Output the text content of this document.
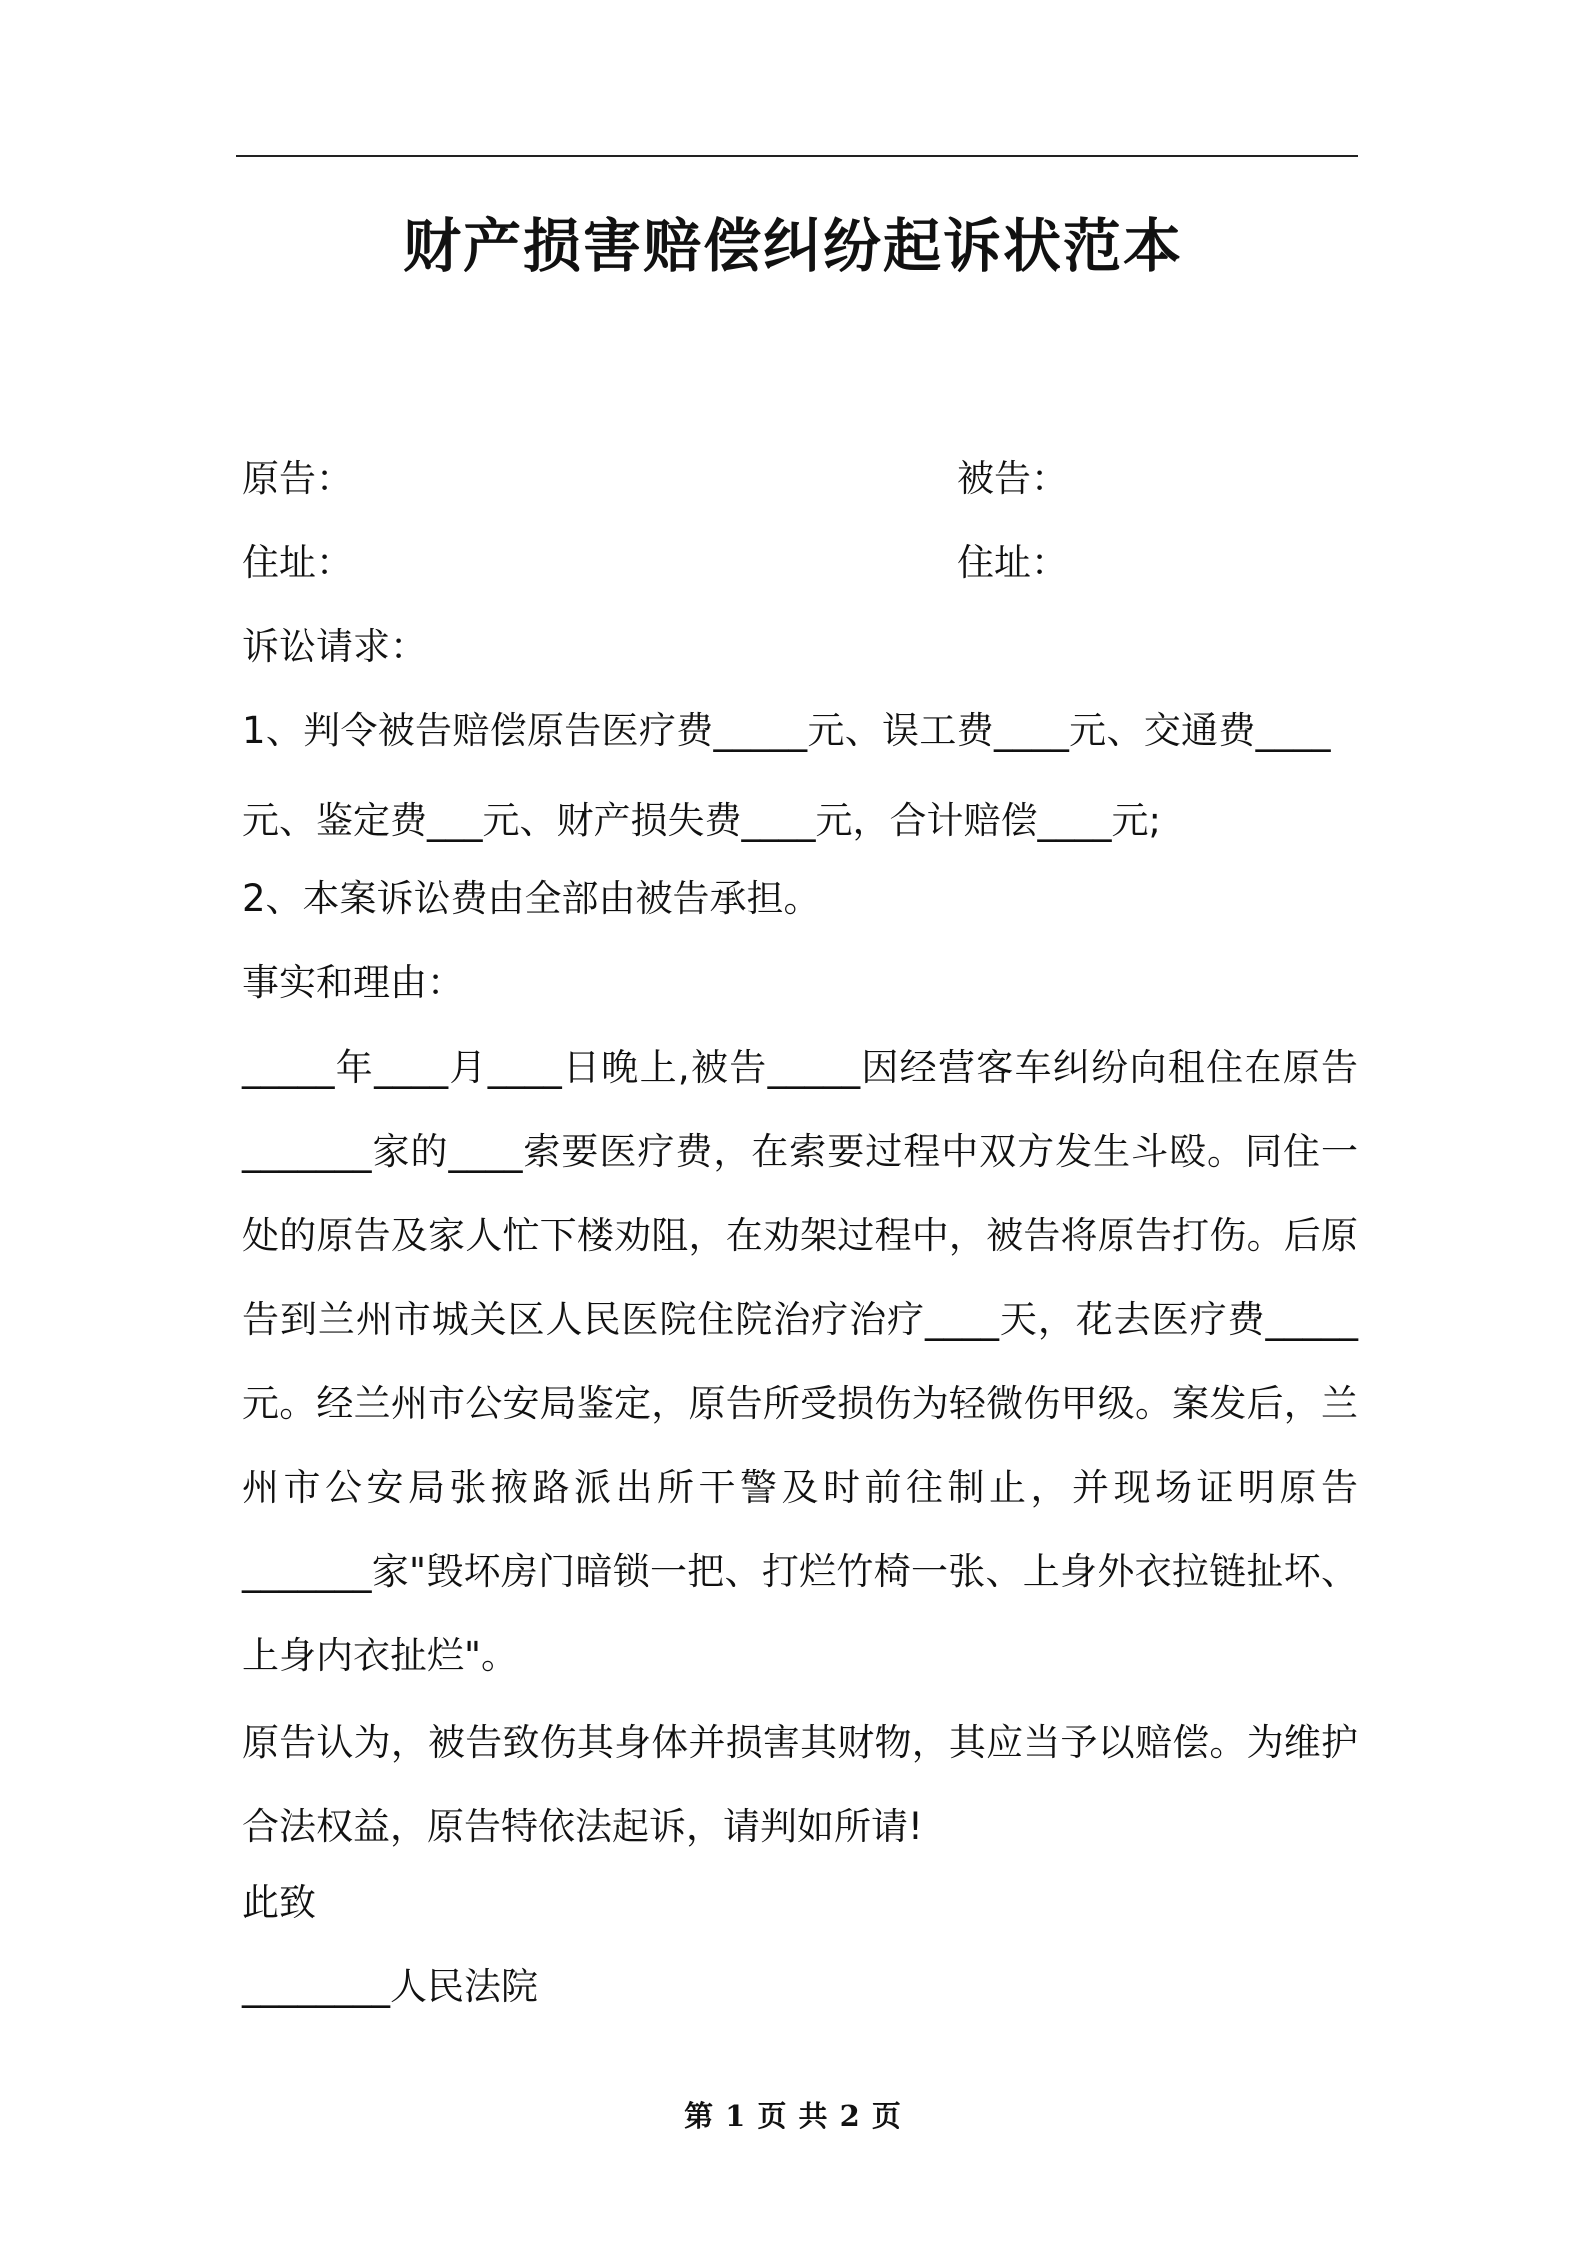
财产损害赔偿纠纷起诉状范本
原告：	被告：
住址：	住址：
诉讼请求：
1、判令被告赔偿原告医疗费_____元、误工费____元、交通费____
元、鉴定费___元、财产损失费____元，合计赔偿____元;
2、本案诉讼费由全部由被告承担。
事实和理由：
_____年____月____日晚上,被告_____因经营客车纠纷向租住在原告_______家的____索要医疗费，在索要过程中双方发生斗殴。同住一处的原告及家人忙下楼劝阻，在劝架过程中，被告将原告打伤。后原告到兰州市城关区人民医院住院治疗治疗____天，花去医疗费_____元。经兰州市公安局鉴定，原告所受损伤为轻微伤甲级。案发后，兰州市公安局张掖路派出所干警及时前往制止，并现场证明原告_______家"毁坏房门暗锁一把、打烂竹椅一张、上身外衣拉链扯坏、上身内衣扯烂"。
原告认为，被告致伤其身体并损害其财物，其应当予以赔偿。为维护合法权益，原告特依法起诉，请判如所请!
此致
________人民法院
第 1 页 共 2 页
